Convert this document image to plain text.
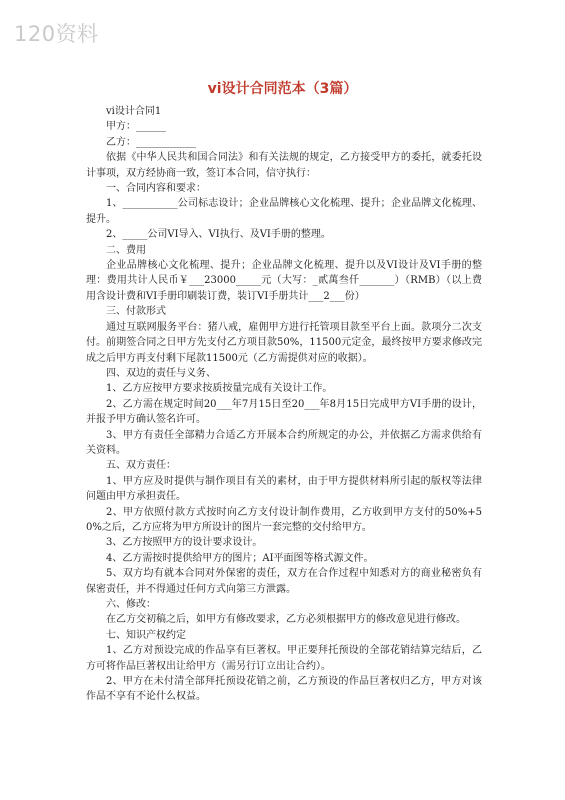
120资料
vi设计合同范本（3篇）

vi设计合同1

甲方：______

乙方：____________

依据《中华人民共和国合同法》和有关法规的规定，乙方接受甲方的委托，就委托设计事项，双方经协商一致，签订本合同，信守执行：

一、合同内容和要求：

1、___________公司标志设计；企业品牌核心文化梳理、提升；企业品牌文化梳理、提升。

2、_____公司VI导入、VI执行、及VI手册的整理。

二、费用

企业品牌核心文化梳理、提升；企业品牌文化梳理、提升以及VI设计及VI手册的整理：费用共计人民币￥___23000_____元（大写：_貳萬叁仟_______）（RMB）（以上费用含设计费和VI手册印刷装订费，装订VI手册共计___2___份）

三、付款形式

通过互联网服务平台：猪八戒，雇佣甲方进行托管项目款至平台上面。款项分二次支付。前期签合同之日甲方先支付乙方项目款50%，11500元定金，最终按甲方要求修改完成之后甲方再支付剩下尾款11500元（乙方需提供对应的收据）。

四、双边的责任与义务、

1、乙方应按甲方要求按质按量完成有关设计工作。

2、乙方需在规定时间20___年7月15日至20___年8月15日完成甲方VI手册的设计，并报予甲方确认签名许可。

3、甲方有责任全部精力合适乙方开展本合约所规定的办公，并依据乙方需求供给有关资料。

五、双方责任：

1、甲方应及时提供与制作项目有关的素材，由于甲方提供材料所引起的版权等法律问题由甲方承担责任。

2、甲方依照付款方式按时向乙方支付设计制作费用，乙方收到甲方支付的50%+50%之后，乙方应将为甲方所设计的图片一套完整的交付给甲方。

3、乙方按照甲方的设计要求设计。

4、乙方需按时提供给甲方的图片；AI平面图等格式源文件。

5、双方均有就本合同对外保密的责任，双方在合作过程中知悉对方的商业秘密负有保密责任，并不得通过任何方式向第三方泄露。

六、修改：

在乙方交初稿之后，如甲方有修改要求，乙方必须根据甲方的修改意见进行修改。

七、知识产权约定

1、乙方对预设完成的作品享有巨著权。甲正要拜托预设的全部花销结算完结后，乙方可将作品巨著权出让给甲方（需另行订立出让合约）。

2、甲方在未付清全部拜托预设花销之前，乙方预设的作品巨著权归乙方，甲方对该作品不享有不论什么权益。
